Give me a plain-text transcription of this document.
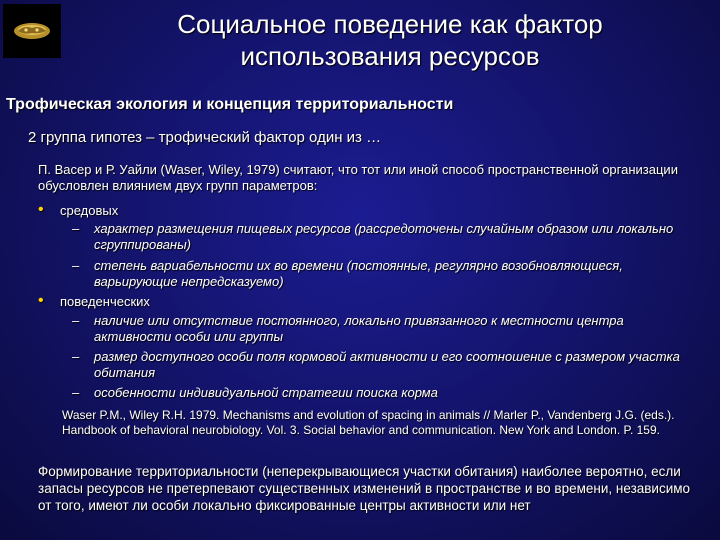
Социальное поведение как фактор
использования ресурсов
Трофическая экология и концепция территориальности
2 группа гипотез – трофический фактор один из …
П. Васер и Р. Уайли (Waser, Wiley, 1979) считают, что тот или иной способ пространственной организации обусловлен влиянием двух групп параметров:
• средовых
–	характер размещения пищевых ресурсов (рассредоточены случайным образом или локально сгруппированы)
–	степень вариабельности их во времени (постоянные, регулярно возобновляющиеся, варьирующие непредсказуемо)
• поведенческих
–	наличие или отсутствие постоянного, локально привязанного к местности центра активности особи или группы
–	размер доступного особи поля кормовой активности и его соотношение с размером участка обитания
–	особенности индивидуальной стратегии поиска корма
Waser P.M., Wiley R.H. 1979. Mechanisms and evolution of spacing in animals // Marler P., Vandenberg J.G. (eds.). Handbook of behavioral neurobiology. Vol. 3. Social behavior and communication. New York and London. P. 159.
Формирование территориальности (неперекрывающиеся участки обитания) наиболее вероятно, если запасы ресурсов не претерпевают существенных изменений в пространстве и во времени, независимо от того, имеют ли особи локально фиксированные центры активности или нет
